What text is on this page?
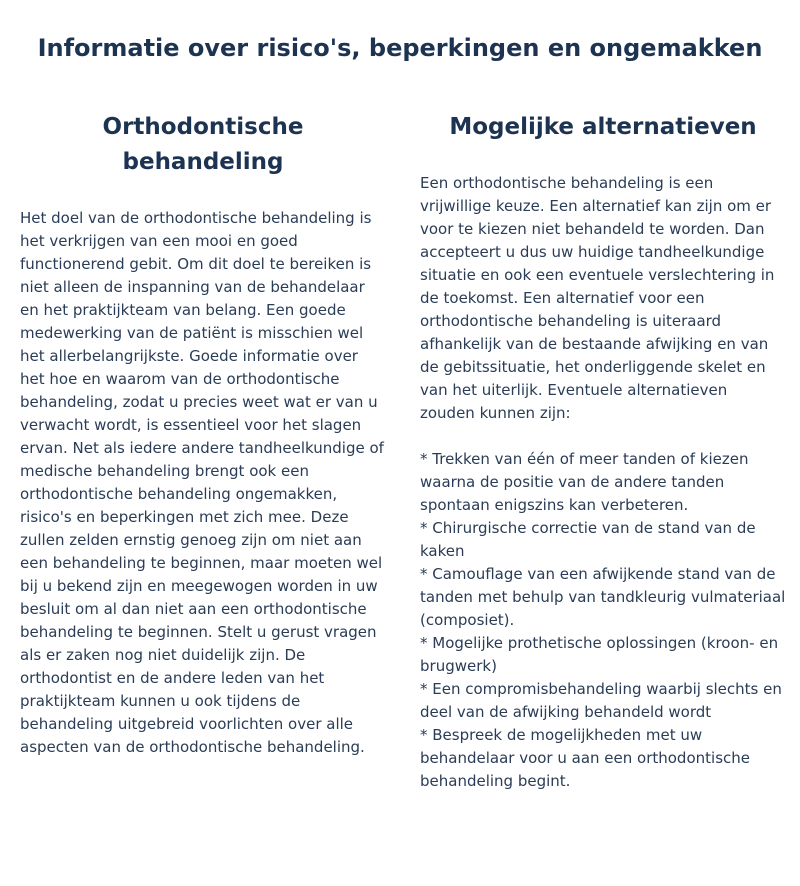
Informatie over risico's, beperkingen en ongemakken
Orthodontische behandeling

Het doel van de orthodontische behandeling is het verkrijgen van een mooi en goed functionerend gebit. Om dit doel te bereiken is niet alleen de inspanning van de behandelaar en het praktijkteam van belang. Een goede medewerking van de patiënt is misschien wel het allerbelangrijkste. Goede informatie over het hoe en waarom van de orthodontische behandeling, zodat u precies weet wat er van u verwacht wordt, is essentieel voor het slagen ervan. Net als iedere andere tandheelkundige of medische behandeling brengt ook een orthodontische behandeling ongemakken, risico's en beperkingen met zich mee. Deze zullen zelden ernstig genoeg zijn om niet aan een behandeling te beginnen, maar moeten wel bij u bekend zijn en meegewogen worden in uw besluit om al dan niet aan een orthodontische behandeling te beginnen. Stelt u gerust vragen als er zaken nog niet duidelijk zijn. De orthodontist en de andere leden van het praktijkteam kunnen u ook tijdens de behandeling uitgebreid voorlichten over alle aspecten van de orthodontische behandeling.

Mogelijke alternatieven

Een orthodontische behandeling is een vrijwillige keuze. Een alternatief kan zijn om er voor te kiezen niet behandeld te worden. Dan accepteert u dus uw huidige tandheelkundige situatie en ook een eventuele verslechtering in de toekomst. Een alternatief voor een orthodontische behandeling is uiteraard afhankelijk van de bestaande afwijking en van de gebitssituatie, het onderliggende skelet en van het uiterlijk. Eventuele alternatieven zouden kunnen zijn:

* Trekken van één of meer tanden of kiezen waarna de positie van de andere tanden spontaan enigszins kan verbeteren.
* Chirurgische correctie van de stand van de kaken
* Camouflage van een afwijkende stand van de tanden met behulp van tandkleurig vulmateriaal (composiet).
* Mogelijke prothetische oplossingen (kroon- en brugwerk)
* Een compromisbehandeling waarbij slechts en deel van de afwijking behandeld wordt
* Bespreek de mogelijkheden met uw behandelaar voor u aan een orthodontische behandeling begint.
